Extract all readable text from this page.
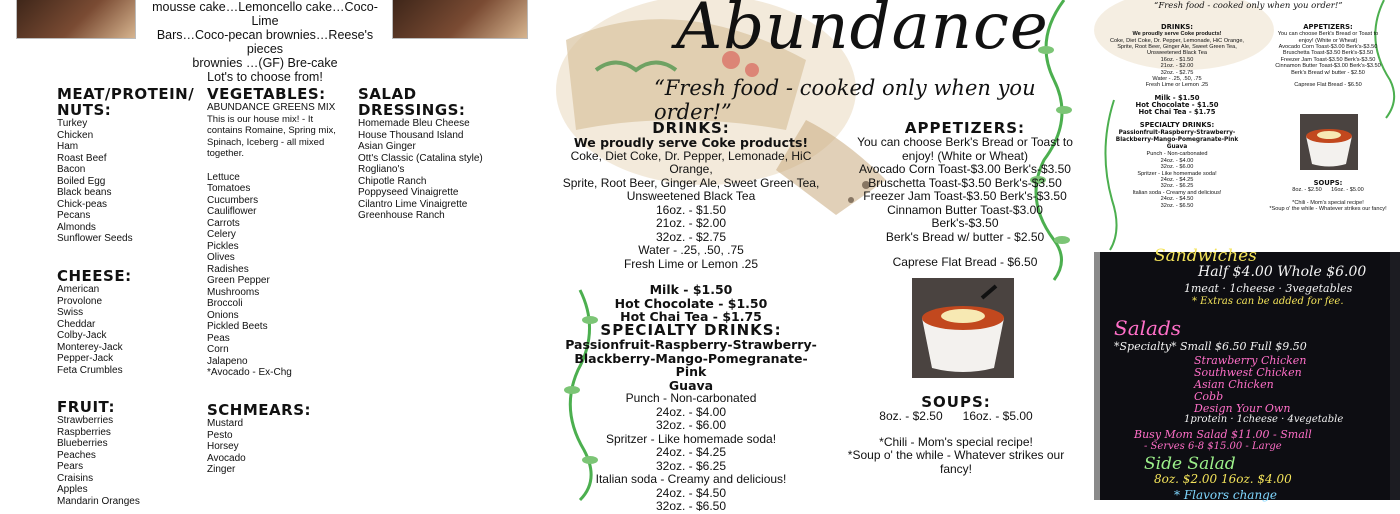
mousse cake…Lemoncello cake…Coco-Lime
Bars…Coco-pecan brownies…Reese's pieces
brownies …(GF) Bre-cake
Lot's to choose from!
MEAT/PROTEIN/
NUTS:
Turkey
Chicken
Ham
Roast Beef
Bacon
Boiled Egg
Black beans
Chick-peas
Pecans
Almonds
Sunflower Seeds
CHEESE:
American
Provolone
Swiss
Cheddar
Colby-Jack
Monterey-Jack
Pepper-Jack
Feta Crumbles
FRUIT:
Strawberries
Raspberries
Blueberries
Peaches
Pears
Craisins
Apples
Mandarin Oranges
VEGETABLES:
ABUNDANCE GREENS MIX
This is our house mix! - It
contains Romaine, Spring mix,
Spinach, Iceberg - all mixed
together.
Lettuce
Tomatoes
Cucumbers
Cauliflower
Carrots
Celery
Pickles
Olives
Radishes
Green Pepper
Mushrooms
Broccoli
Onions
Pickled Beets
Peas
Corn
Jalapeno
*Avocado - Ex-Chg
SCHMEARS:
Mustard
Pesto
Horsey
Avocado
Zinger
SALAD
DRESSINGS:
Homemade Bleu Cheese
House Thousand Island
Asian Ginger
Ott's Classic (Catalina style)
Rogliano's
Chipotle Ranch
Poppyseed Vinaigrette
Cilantro Lime Vinaigrette
Greenhouse Ranch
Abundance
“Fresh food - cooked only when you order!”
DRINKS:
We proudly serve Coke products!
Coke, Diet Coke, Dr. Pepper, Lemonade, HiC Orange,
Sprite, Root Beer, Ginger Ale, Sweet Green Tea,
Unsweetened Black Tea
16oz. - $1.50
21oz. - $2.00
32oz. - $2.75
Water - .25, .50, .75
Fresh Lime or Lemon .25
Milk - $1.50
Hot Chocolate - $1.50
Hot Chai Tea - $1.75
SPECIALTY DRINKS:
Passionfruit-Raspberry-Strawberry-
Blackberry-Mango-Pomegranate-Pink
Guava
Punch - Non-carbonated
24oz. - $4.00
32oz. - $6.00
Spritzer - Like homemade soda!
24oz. - $4.25
32oz. - $6.25
Italian soda - Creamy and delicious!
24oz. - $4.50
32oz. - $6.50
APPETIZERS:
You can choose Berk's Bread or Toast to
enjoy! (White or Wheat)
Avocado Corn Toast-$3.00 Berk's-$3.50
Bruschetta Toast-$3.50 Berk's-$3.50
Freezer Jam Toast-$3.50 Berk's-$3.50
Cinnamon Butter Toast-$3.00 Berk's-$3.50
Berk's Bread w/ butter - $2.50
Caprese Flat Bread - $6.50
SOUPS:
8oz. - $2.50      16oz. - $5.00
*Chili - Mom's special recipe!
*Soup o' the while - Whatever strikes our fancy!
“Fresh food - cooked only when you order!”
DRINKS:
We proudly serve Coke products!
Coke, Diet Coke, Dr. Pepper, Lemonade, HiC Orange,
Sprite, Root Beer, Ginger Ale, Sweet Green Tea,
Unsweetened Black Tea
16oz. - $1.50
21oz. - $2.00
32oz. - $2.75
Water - .25, .50, .75
Fresh Lime or Lemon .25
Milk - $1.50
Hot Chocolate - $1.50
Hot Chai Tea - $1.75
SPECIALTY DRINKS:
Passionfruit-Raspberry-Strawberry-
Blackberry-Mango-Pomegranate-Pink
Guava
Punch - Non-carbonated
24oz. - $4.00
32oz. - $6.00
Spritzer - Like homemade soda!
24oz. - $4.25
32oz. - $6.25
Italian soda - Creamy and delicious!
24oz. - $4.50
32oz. - $6.50
APPETIZERS:
You can choose Berk's Bread or Toast to
enjoy! (White or Wheat)
Avocado Corn Toast-$3.00 Berk's-$3.50
Bruschetta Toast-$3.50 Berk's-$3.50
Freezer Jam Toast-$3.50 Berk's-$3.50
Cinnamon Butter Toast-$3.00 Berk's-$3.50
Berk's Bread w/ butter - $2.50

Caprese Flat Bread - $6.50
SOUPS:
8oz. - $2.50      16oz. - $5.00

*Chili - Mom's special recipe!
*Soup o' the while - Whatever strikes our fancy!
Sandwiches
Half $4.00 Whole $6.00
1meat · 1cheese · 3vegetables
* Extras can be added for fee.
Salads
*Specialty* Small $6.50 Full $9.50
Strawberry Chicken
Southwest Chicken
Asian Chicken
Cobb
Design Your Own
1protein · 1cheese · 4vegetable
Busy Mom Salad $11.00 - Small
- Serves 6-8 $15.00 - Large
Side Salad
8oz. $2.00 16oz. $4.00
* Flavors change
